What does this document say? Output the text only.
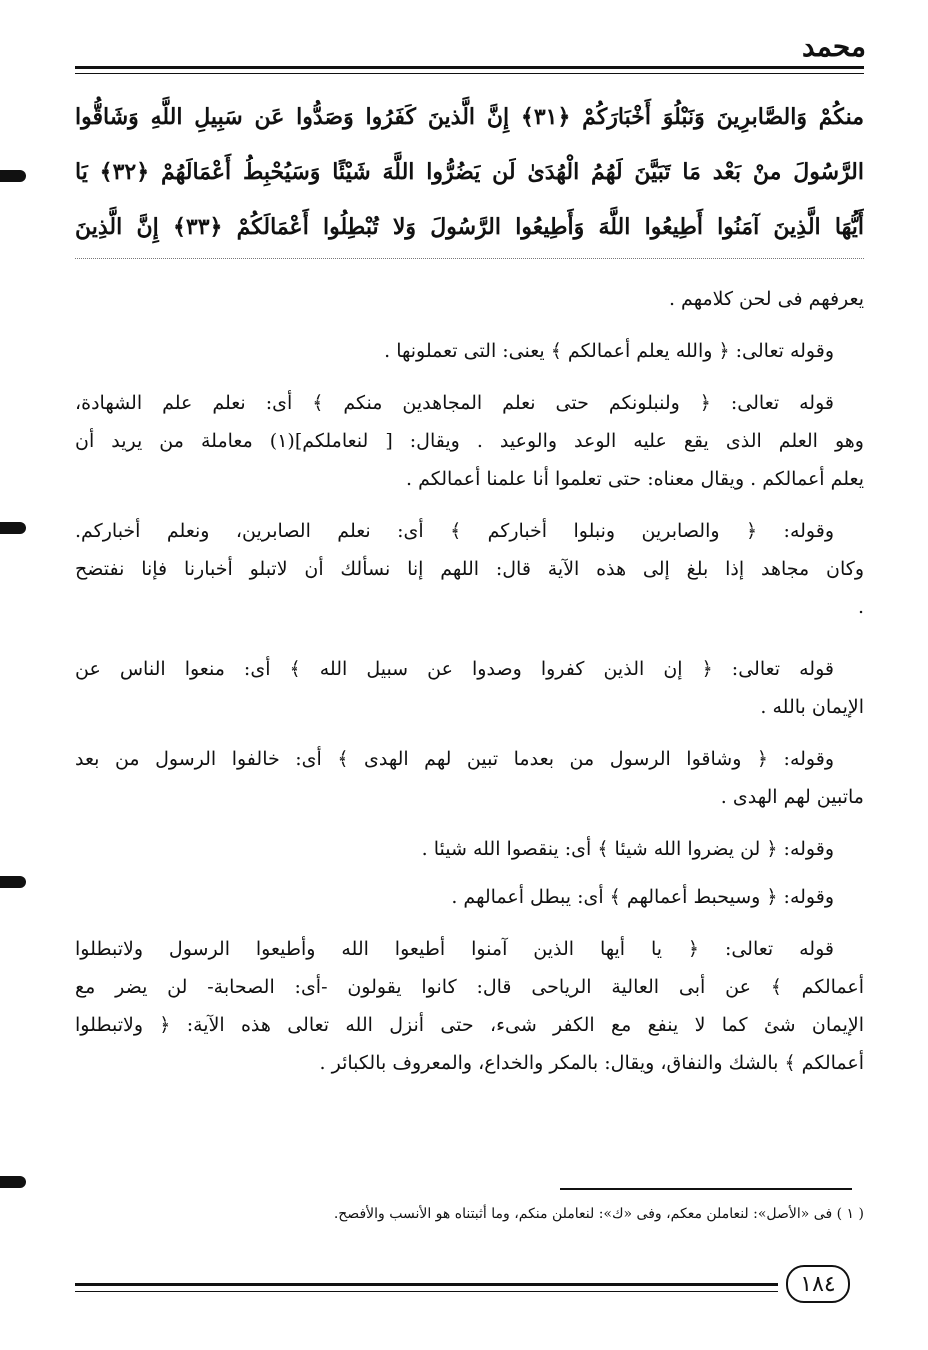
محمد
منكُمْ وَالصَّابرِينَ وَنَبْلُوَ أَخْبَارَكُمْ ﴿٣١﴾ إِنَّ الَّذينَ كَفَرُوا وَصَدُّوا عَن سَبِيلِ اللَّهِ وَشَاقُّوا
الرَّسُولَ منْ بَعْد مَا تَبَيَّنَ لَهُمُ الْهُدَىٰ لَن يَضُرُّوا اللَّهَ شَيْئًا وَسَيُحْبِطُ أَعْمَالَهُمْ ﴿٣٢﴾ يَا
أَيُّهَا الَّذِينَ آمَنُوا أَطِيعُوا اللَّهَ وَأَطِيعُوا الرَّسُولَ وَلا تُبْطِلُوا أَعْمَالَكُمْ ﴿٣٣﴾ إِنَّ الَّذِينَ
يعرفهم فى لحن كلامهم .
وقوله تعالى: ﴿ والله يعلم أعمالكم ﴾ يعنى: التى تعملونها .
قوله تعالى: ﴿ ولنبلونكم حتى نعلم المجاهدين منكم ﴾ أى: نعلم علم الشهادة،
وهو العلم الذى يقع عليه الوعد والوعيد . ويقال: [ لنعاملكم](١) معاملة من يريد أن
يعلم أعمالكم . ويقال معناه: حتى تعلموا أنا علمنا أعمالكم .
وقوله: ﴿ والصابرين ونبلوا أخباركم ﴾ أى: نعلم الصابرين، ونعلم أخباركم.
وكان مجاهد إذا بلغ إلى هذه الآية قال: اللهم إنا نسألك أن لاتبلو أخبارنا فإنا نفتضح
.
قوله تعالى: ﴿ إن الذين كفروا وصدوا عن سبيل الله ﴾ أى: منعوا الناس عن
الإيمان بالله .
وقوله: ﴿ وشاقوا الرسول من بعدما تبين لهم الهدى ﴾ أى: خالفوا الرسول من بعد
ماتبين لهم الهدى .
وقوله: ﴿ لن يضروا الله شيئا ﴾ أى: ينقصوا الله شيئا .
وقوله: ﴿ وسيحبط أعمالهم ﴾ أى: يبطل أعمالهم .
قوله تعالى: ﴿ يا أيها الذين آمنوا أطيعوا الله وأطيعوا الرسول ولاتبطلوا
أعمالكم ﴾ عن أبى العالية الرياحى قال: كانوا يقولون -أى: الصحابة- لن يضر مع
الإيمان شئ كما لا ينفع مع الكفر شىء، حتى أنزل الله تعالى هذه الآية: ﴿ ولاتبطلوا
أعمالكم ﴾ بالشك والنفاق، ويقال: بالمكر والخداع، والمعروف بالكبائر .
( ١ ) فى «الأصل»: لنعاملن معكم، وفى «ك»: لنعاملن منكم، وما أثبتناه هو الأنسب والأفصح.
١٨٤
